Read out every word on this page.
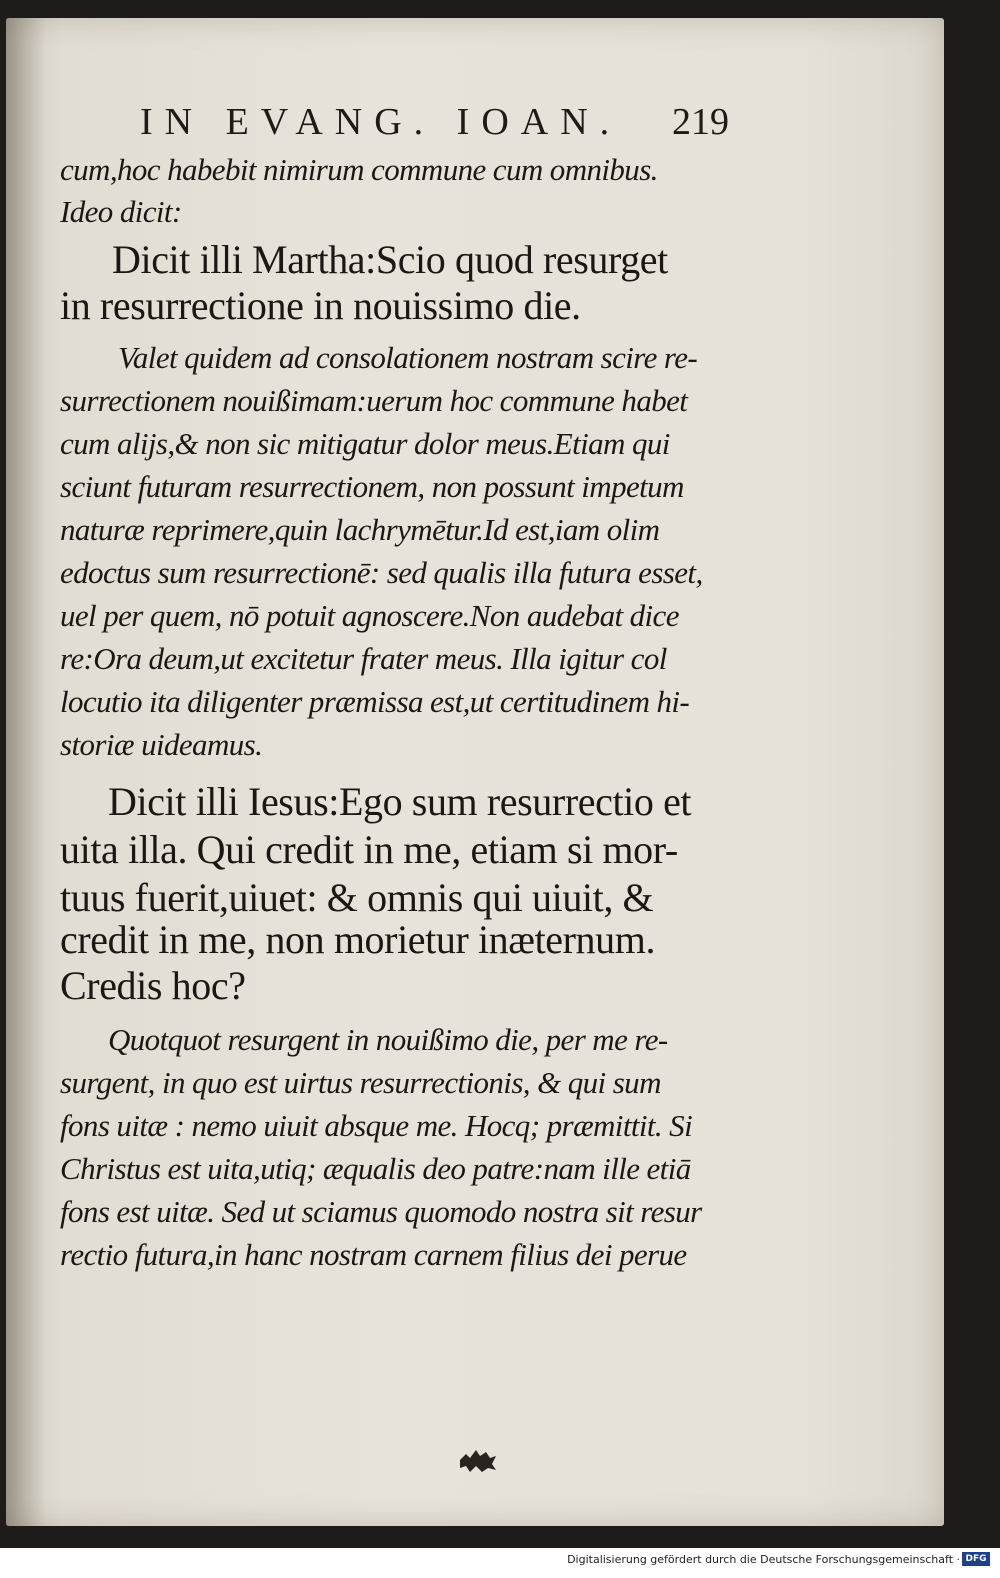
IN EVANG. IOAN. 219
cum,hoc habebit nimirum commune cum omnibus.
Ideo dicit:
Dicit illi Martha:Scio quod resurget
in resurrectione in nouissimo die.
Valet quidem ad consolationem nostram scire re-
surrectionem nouißimam:uerum hoc commune habet
cum alijs,& non sic mitigatur dolor meus.Etiam qui
sciunt futuram resurrectionem, non possunt impetum
naturæ reprimere,quin lachrymētur.Id est,iam olim
edoctus sum resurrectionē: sed qualis illa futura esset,
uel per quem, nō potuit agnoscere.Non audebat dice
re:Ora deum,ut excitetur frater meus. Illa igitur col
locutio ita diligenter præmissa est,ut certitudinem hi-
storiæ uideamus.
Dicit illi Iesus:Ego sum resurrectio et
uita illa. Qui credit in me, etiam si mor-
tuus fuerit,uiuet: & omnis qui uiuit, &
credit in me, non morietur inæternum.
Credis hoc?
Quotquot resurgent in nouißimo die, per me re-
surgent, in quo est uirtus resurrectionis, & qui sum
fons uitæ : nemo uiuit absque me. Hocq; præmittit. Si
Christus est uita,utiq; æqualis deo patre:nam ille etiā
fons est uitæ. Sed ut sciamus quomodo nostra sit resur
rectio futura,in hanc nostram carnem filius dei perue
Digitalisierung gefördert durch die Deutsche Forschungsgemeinschaft · DFG
